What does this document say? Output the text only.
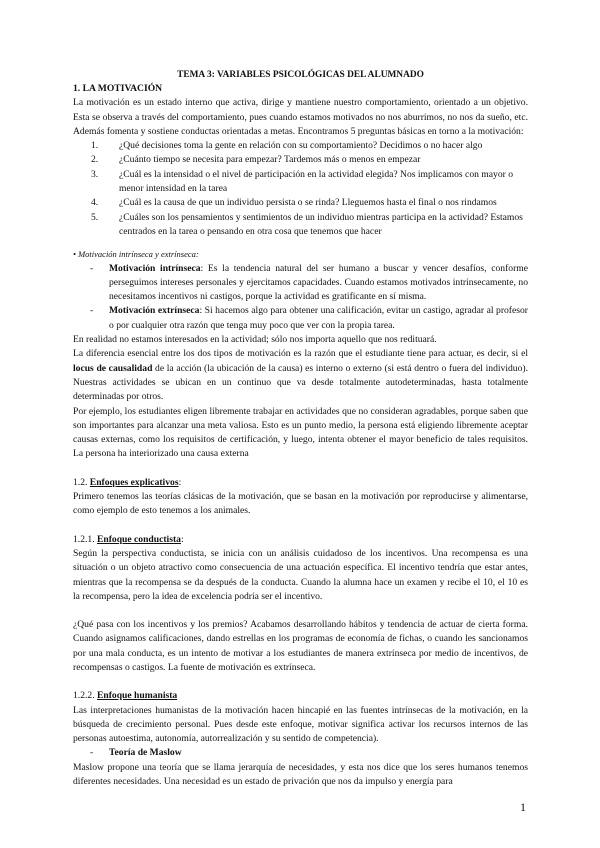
TEMA 3: VARIABLES PSICOLÓGICAS DEL ALUMNADO

1. LA MOTIVACIÓN

La motivación es un estado interno que activa, dirige y mantiene nuestro comportamiento, orientado a un objetivo. Esta se observa a través del comportamiento, pues cuando estamos motivados no nos aburrimos, no nos da sueño, etc. Además fomenta y sostiene conductas orientadas a metas. Encontramos 5 preguntas básicas en torno a la motivación:

1. ¿Qué decisiones toma la gente en relación con su comportamiento? Decidimos o no hacer algo
2. ¿Cuánto tiempo se necesita para empezar? Tardemos más o menos en empezar
3. ¿Cuál es la intensidad o el nivel de participación en la actividad elegida? Nos implicamos con mayor o menor intensidad en la tarea
4. ¿Cuál es la causa de que un individuo persista o se rinda? Lleguemos hasta el final o nos rindamos
5. ¿Cuáles son los pensamientos y sentimientos de un individuo mientras participa en la actividad? Estamos centrados en la tarea o pensando en otra cosa que tenemos que hacer

• Motivación intrínseca y extrínseca:

- Motivación intrínseca: Es la tendencia natural del ser humano a buscar y vencer desafíos, conforme perseguimos intereses personales y ejercitamos capacidades. Cuando estamos motivados intrínsecamente, no necesitamos incentivos ni castigos, porque la actividad es gratificante en sí misma.
- Motivación extrínseca: Si hacemos algo para obtener una calificación, evitar un castigo, agradar al profesor o por cualquier otra razón que tenga muy poco que ver con la propia tarea.

En realidad no estamos interesados en la actividad; sólo nos importa aquello que nos redituará.

La diferencia esencial entre los dos tipos de motivación es la razón que el estudiante tiene para actuar, es decir, si el locus de causalidad de la acción (la ubicación de la causa) es interno o externo (si está dentro o fuera del individuo). Nuestras actividades se ubican en un continuo que va desde totalmente autodeterminadas, hasta totalmente determinadas por otros.

Por ejemplo, los estudiantes eligen libremente trabajar en actividades que no consideran agradables, porque saben que son importantes para alcanzar una meta valiosa. Esto es un punto medio, la persona está eligiendo libremente aceptar causas externas, como los requisitos de certificación, y luego, intenta obtener el mayor beneficio de tales requisitos. La persona ha interiorizado una causa externa

1.2. Enfoques explicativos:

Primero tenemos las teorías clásicas de la motivación, que se basan en la motivación por reproducirse y alimentarse, como ejemplo de esto tenemos a los animales.

1.2.1. Enfoque conductista:

Según la perspectiva conductista, se inicia con un análisis cuidadoso de los incentivos. Una recompensa es una situación o un objeto atractivo como consecuencia de una actuación específica. El incentivo tendría que estar antes, mientras que la recompensa se da después de la conducta. Cuando la alumna hace un examen y recibe el 10, el 10 es la recompensa, pero la idea de excelencia podría ser el incentivo.

¿Qué pasa con los incentivos y los premios? Acabamos desarrollando hábitos y tendencia de actuar de cierta forma. Cuando asignamos calificaciones, dando estrellas en los programas de economía de fichas, o cuando les sancionamos por una mala conducta, es un intento de motivar a los estudiantes de manera extrínseca por medio de incentivos, de recompensas o castigos. La fuente de motivación es extrínseca.

1.2.2. Enfoque humanista

Las interpretaciones humanistas de la motivación hacen hincapié en las fuentes intrínsecas de la motivación, en la búsqueda de crecimiento personal. Pues desde este enfoque, motivar significa activar los recursos internos de las personas autoestima, autonomía, autorrealización y su sentido de competencia).

- Teoría de Maslow

Maslow propone una teoría que se llama jerarquía de necesidades, y esta nos dice que los seres humanos tenemos diferentes necesidades. Una necesidad es un estado de privación que nos da impulso y energía para

1
